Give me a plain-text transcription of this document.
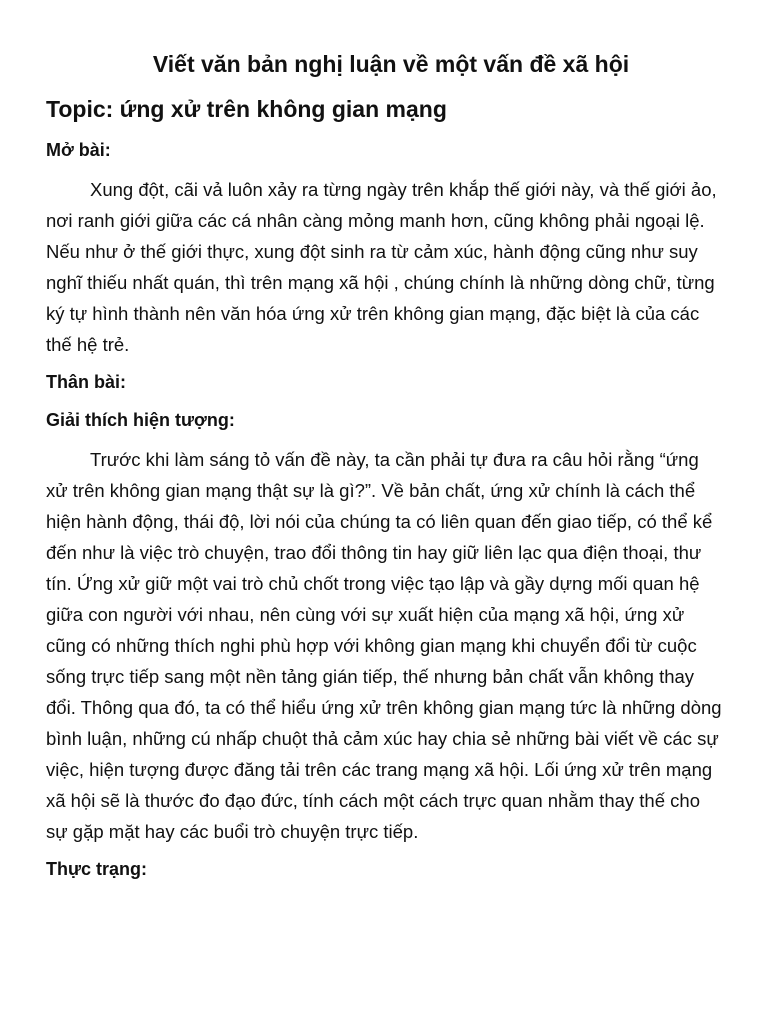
Viết văn bản nghị luận về một vấn đề xã hội
Topic: ứng xử trên không gian mạng
Mở bài:

Xung đột, cãi vả luôn xảy ra từng ngày trên khắp thế giới này, và thế giới ảo, nơi ranh giới giữa các cá nhân càng mỏng manh hơn, cũng không phải ngoại lệ. Nếu như ở thế giới thực, xung đột sinh ra từ cảm xúc, hành động cũng như suy nghĩ thiếu nhất quán, thì trên mạng xã hội , chúng chính là những dòng chữ, từng ký tự hình thành nên văn hóa ứng xử trên không gian mạng, đặc biệt là của các thế hệ trẻ.

Thân bài:
Giải thích hiện tượng:

Trước khi làm sáng tỏ vấn đề này, ta cần phải tự đưa ra câu hỏi rằng “ứng xử trên không gian mạng thật sự là gì?”. Về bản chất, ứng xử chính là cách thể hiện hành động, thái độ, lời nói của chúng ta có liên quan đến giao tiếp, có thể kể đến như là việc trò chuyện, trao đổi thông tin hay giữ liên lạc qua điện thoại, thư tín. Ứng xử giữ một vai trò chủ chốt trong việc tạo lập và gầy dựng mối quan hệ giữa con người với nhau, nên cùng với sự xuất hiện của mạng xã hội, ứng xử cũng có những thích nghi phù hợp với không gian mạng khi chuyển đổi từ cuộc sống trực tiếp sang một nền tảng gián tiếp, thế nhưng bản chất vẫn không thay đổi. Thông qua đó, ta có thể hiểu ứng xử trên không gian mạng tức là những dòng bình luận, những cú nhấp chuột thả cảm xúc hay chia sẻ những bài viết về các sự việc, hiện tượng được đăng tải trên các trang mạng xã hội. Lối ứng xử trên mạng xã hội sẽ là thước đo đạo đức, tính cách một cách trực quan nhằm thay thế cho sự gặp mặt hay các buổi trò chuyện trực tiếp.

Thực trạng:
